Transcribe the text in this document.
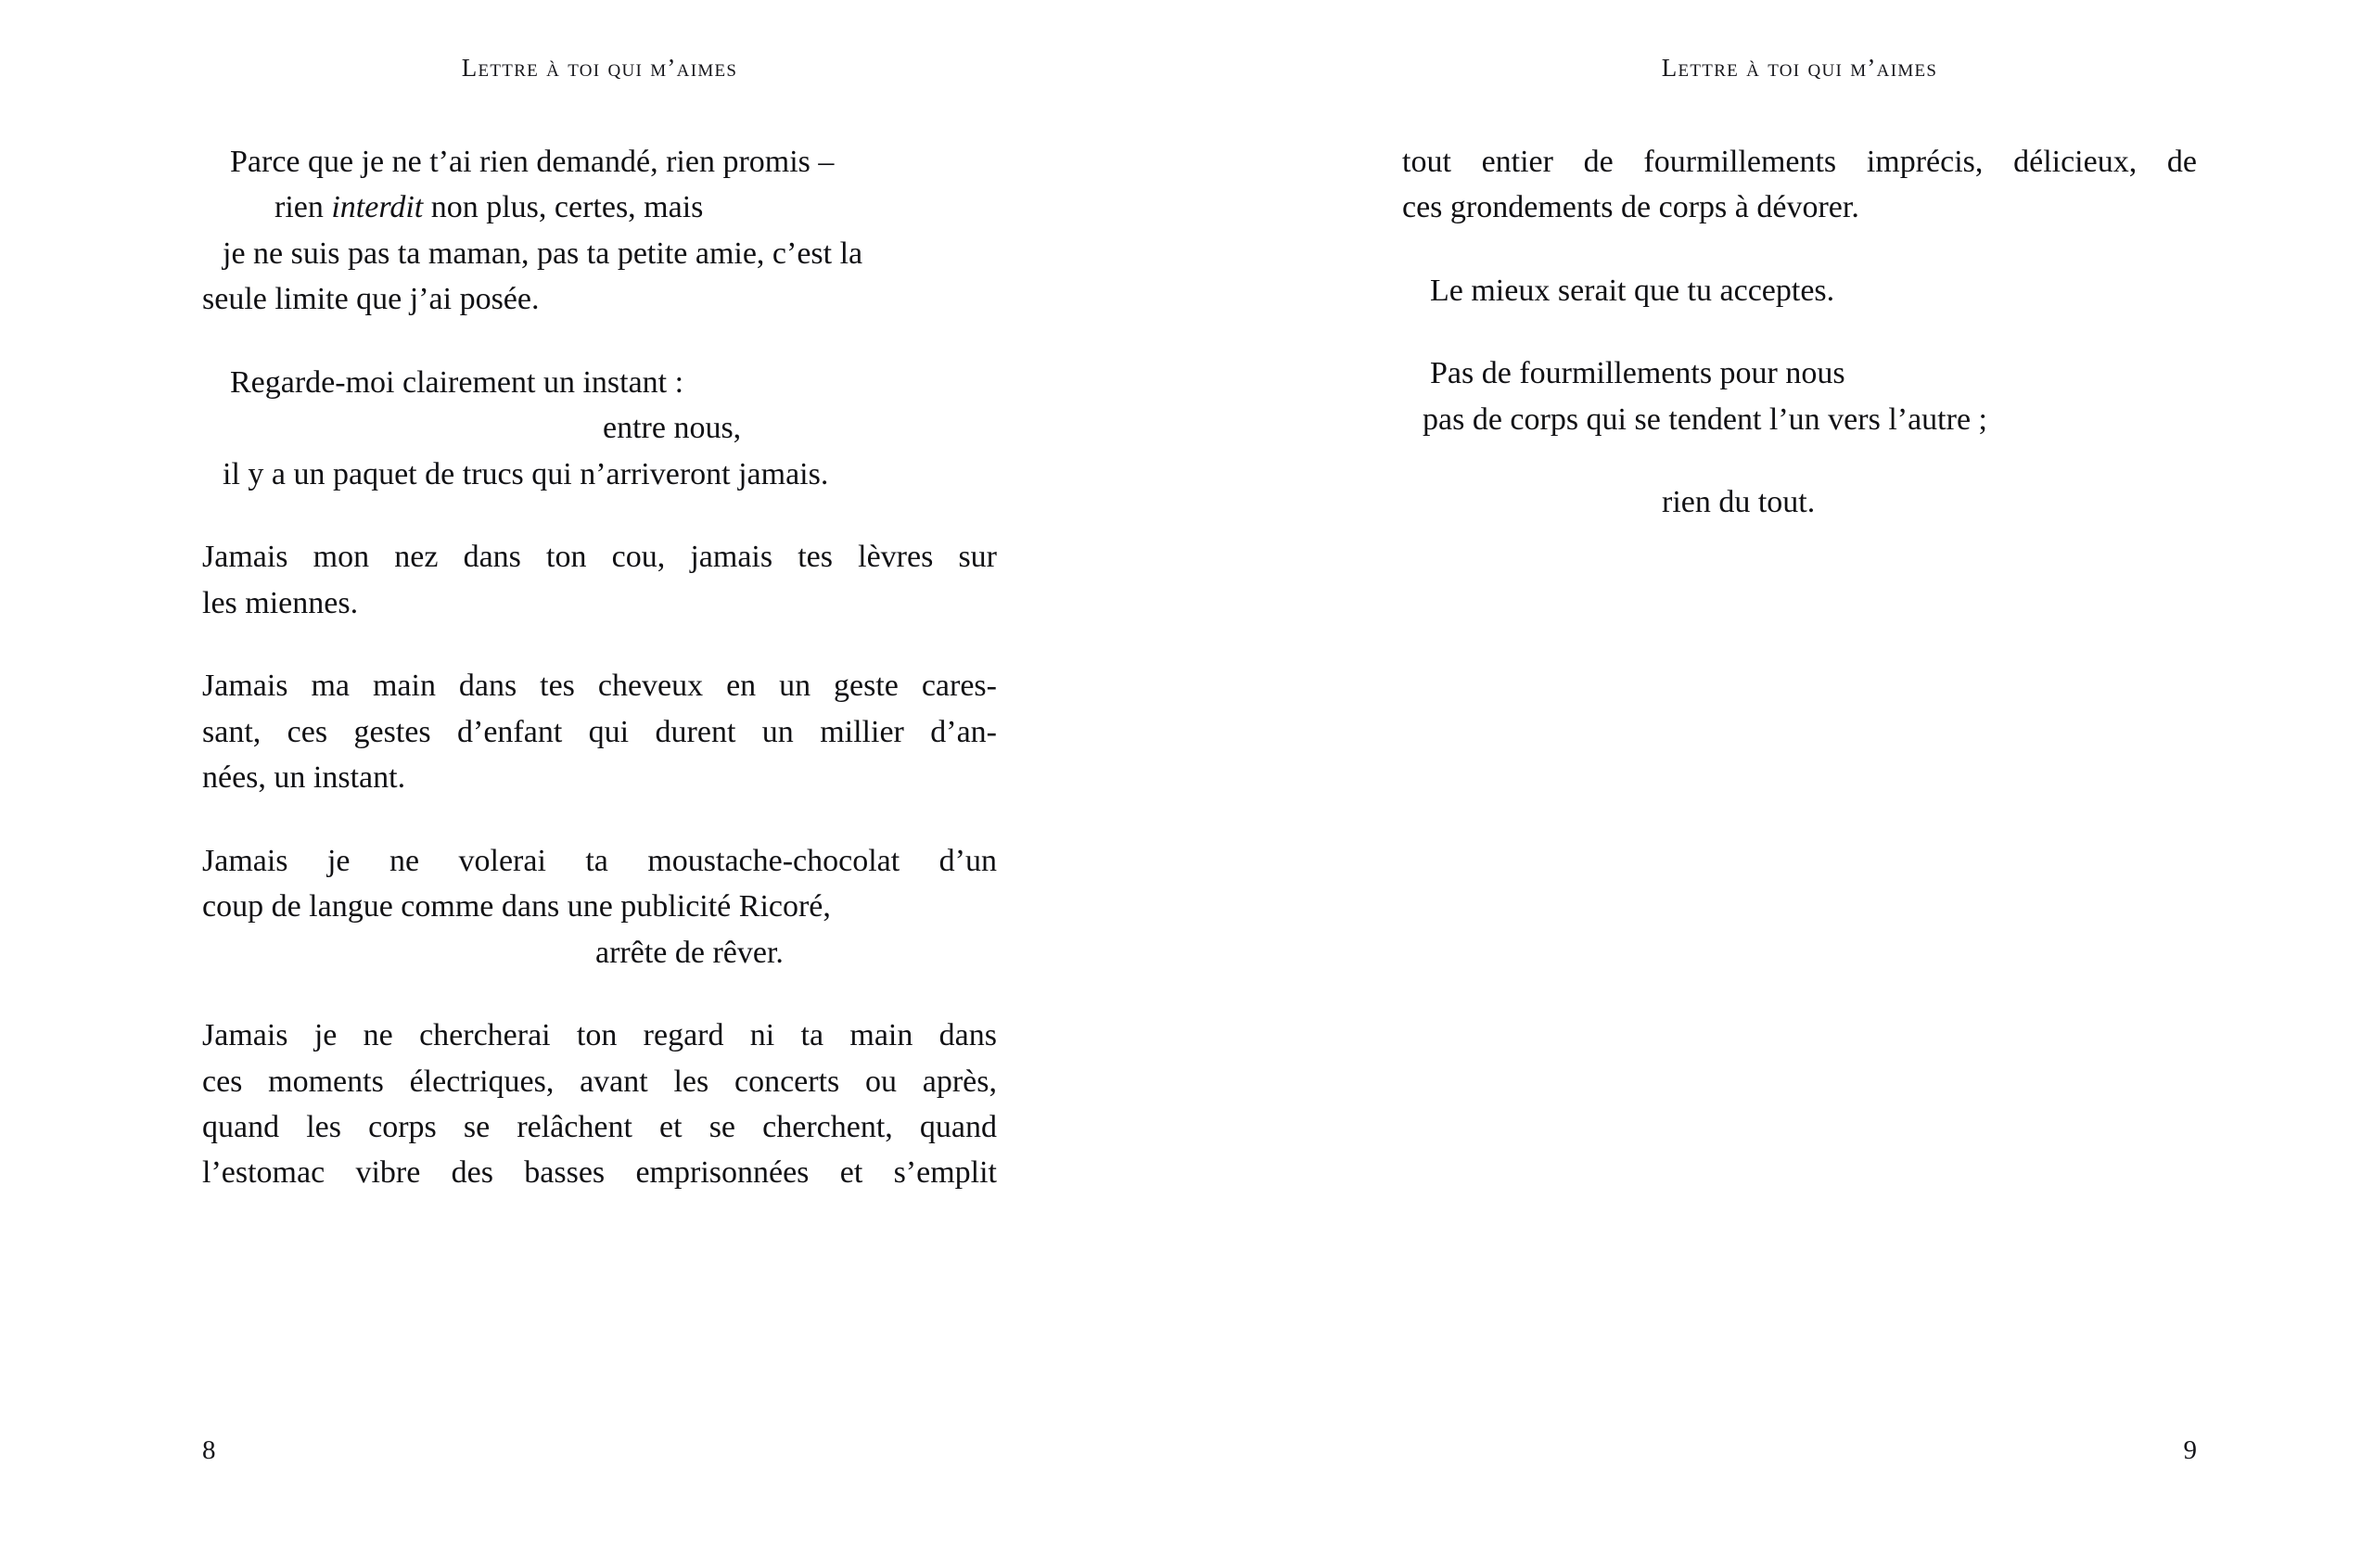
Lettre à toi qui m’aimes
Parce que je ne t’ai rien demandé, rien promis –
rien interdit non plus, certes, mais
je ne suis pas ta maman, pas ta petite amie, c’est la
seule limite que j’ai posée.
Regarde-moi clairement un instant :
entre nous,
il y a un paquet de trucs qui n’arriveront jamais.
Jamais mon nez dans ton cou, jamais tes lèvres sur
les miennes.
Jamais ma main dans tes cheveux en un geste cares-
sant, ces gestes d’enfant qui durent un millier d’an-
nées, un instant.
Jamais je ne volerai ta moustache-chocolat d’un
coup de langue comme dans une publicité Ricoré,
arrête de rêver.
Jamais je ne chercherai ton regard ni ta main dans
ces moments électriques, avant les concerts ou après,
quand les corps se relâchent et se cherchent, quand
l’estomac vibre des basses emprisonnées et s’emplit
8
Lettre à toi qui m’aimes
tout entier de fourmillements imprécis, délicieux, de
ces grondements de corps à dévorer.
Le mieux serait que tu acceptes.
Pas de fourmillements pour nous
pas de corps qui se tendent l’un vers l’autre ;
rien du tout.
9
